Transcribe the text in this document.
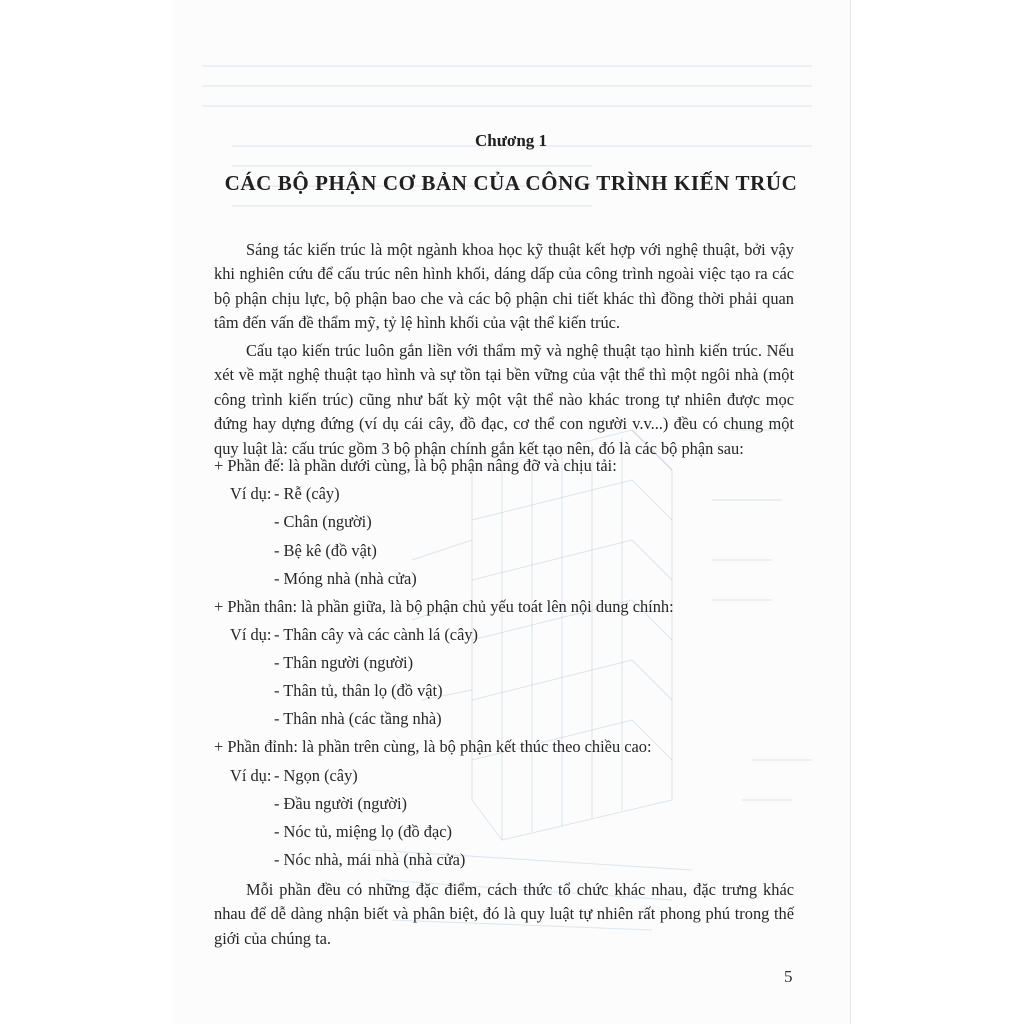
Chương 1
CÁC BỘ PHẬN CƠ BẢN CỦA CÔNG TRÌNH KIẾN TRÚC

Sáng tác kiến trúc là một ngành khoa học kỹ thuật kết hợp với nghệ thuật, bởi vậy khi nghiên cứu để cấu trúc nên hình khối, dáng dấp của công trình ngoài việc tạo ra các bộ phận chịu lực, bộ phận bao che và các bộ phận chi tiết khác thì đồng thời phải quan tâm đến vấn đề thẩm mỹ, tỷ lệ hình khối của vật thể kiến trúc.

Cấu tạo kiến trúc luôn gắn liền với thẩm mỹ và nghệ thuật tạo hình kiến trúc. Nếu xét về mặt nghệ thuật tạo hình và sự tồn tại bền vững của vật thể thì một ngôi nhà (một công trình kiến trúc) cũng như bất kỳ một vật thể nào khác trong tự nhiên được mọc đứng hay dựng đứng (ví dụ cái cây, đồ đạc, cơ thể con người v.v...) đều có chung một quy luật là: cấu trúc gồm 3 bộ phận chính gắn kết tạo nên, đó là các bộ phận sau:

+ Phần đế: là phần dưới cùng, là bộ phận nâng đỡ và chịu tải:
Ví dụ: - Rễ (cây)
- Chân (người)
- Bệ kê (đồ vật)
- Móng nhà (nhà cửa)
+ Phần thân: là phần giữa, là bộ phận chủ yếu toát lên nội dung chính:
Ví dụ: - Thân cây và các cành lá (cây)
- Thân người (người)
- Thân tủ, thân lọ (đồ vật)
- Thân nhà (các tầng nhà)
+ Phần đỉnh: là phần trên cùng, là bộ phận kết thúc theo chiều cao:
Ví dụ: - Ngọn (cây)
- Đầu người (người)
- Nóc tủ, miệng lọ (đồ đạc)
- Nóc nhà, mái nhà (nhà cửa)

Mỗi phần đều có những đặc điểm, cách thức tổ chức khác nhau, đặc trưng khác nhau để dễ dàng nhận biết và phân biệt, đó là quy luật tự nhiên rất phong phú trong thế giới của chúng ta.

5
